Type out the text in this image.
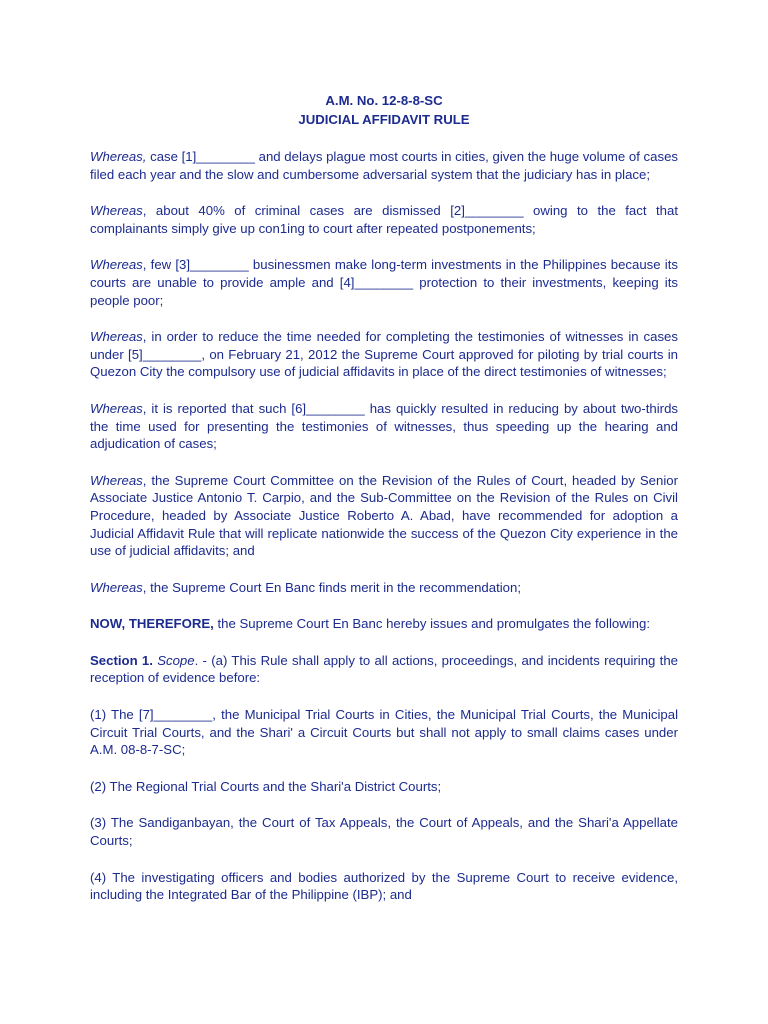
A.M. No. 12-8-8-SC
JUDICIAL AFFIDAVIT RULE

Whereas, case [1]________ and delays plague most courts in cities, given the huge volume of cases filed each year and the slow and cumbersome adversarial system that the judiciary has in place;

Whereas, about 40% of criminal cases are dismissed [2]________ owing to the fact that complainants simply give up con1ing to court after repeated postponements;

Whereas, few [3]________ businessmen make long-term investments in the Philippines because its courts are unable to provide ample and [4]________ protection to their investments, keeping its people poor;

Whereas, in order to reduce the time needed for completing the testimonies of witnesses in cases under [5]________, on February 21, 2012 the Supreme Court approved for piloting by trial courts in Quezon City the compulsory use of judicial affidavits in place of the direct testimonies of witnesses;

Whereas, it is reported that such [6]________ has quickly resulted in reducing by about two-thirds the time used for presenting the testimonies of witnesses, thus speeding up the hearing and adjudication of cases;

Whereas, the Supreme Court Committee on the Revision of the Rules of Court, headed by Senior Associate Justice Antonio T. Carpio, and the Sub-Committee on the Revision of the Rules on Civil Procedure, headed by Associate Justice Roberto A. Abad, have recommended for adoption a Judicial Affidavit Rule that will replicate nationwide the success of the Quezon City experience in the use of judicial affidavits; and

Whereas, the Supreme Court En Banc finds merit in the recommendation;

NOW, THEREFORE, the Supreme Court En Banc hereby issues and promulgates the following:

Section 1. Scope. - (a) This Rule shall apply to all actions, proceedings, and incidents requiring the reception of evidence before:

(1) The [7]________, the Municipal Trial Courts in Cities, the Municipal Trial Courts, the Municipal Circuit Trial Courts, and the Shari' a Circuit Courts but shall not apply to small claims cases under A.M. 08-8-7-SC;

(2) The Regional Trial Courts and the Shari'a District Courts;

(3) The Sandiganbayan, the Court of Tax Appeals, the Court of Appeals, and the Shari'a Appellate Courts;

(4) The investigating officers and bodies authorized by the Supreme Court to receive evidence, including the Integrated Bar of the Philippine (IBP); and
